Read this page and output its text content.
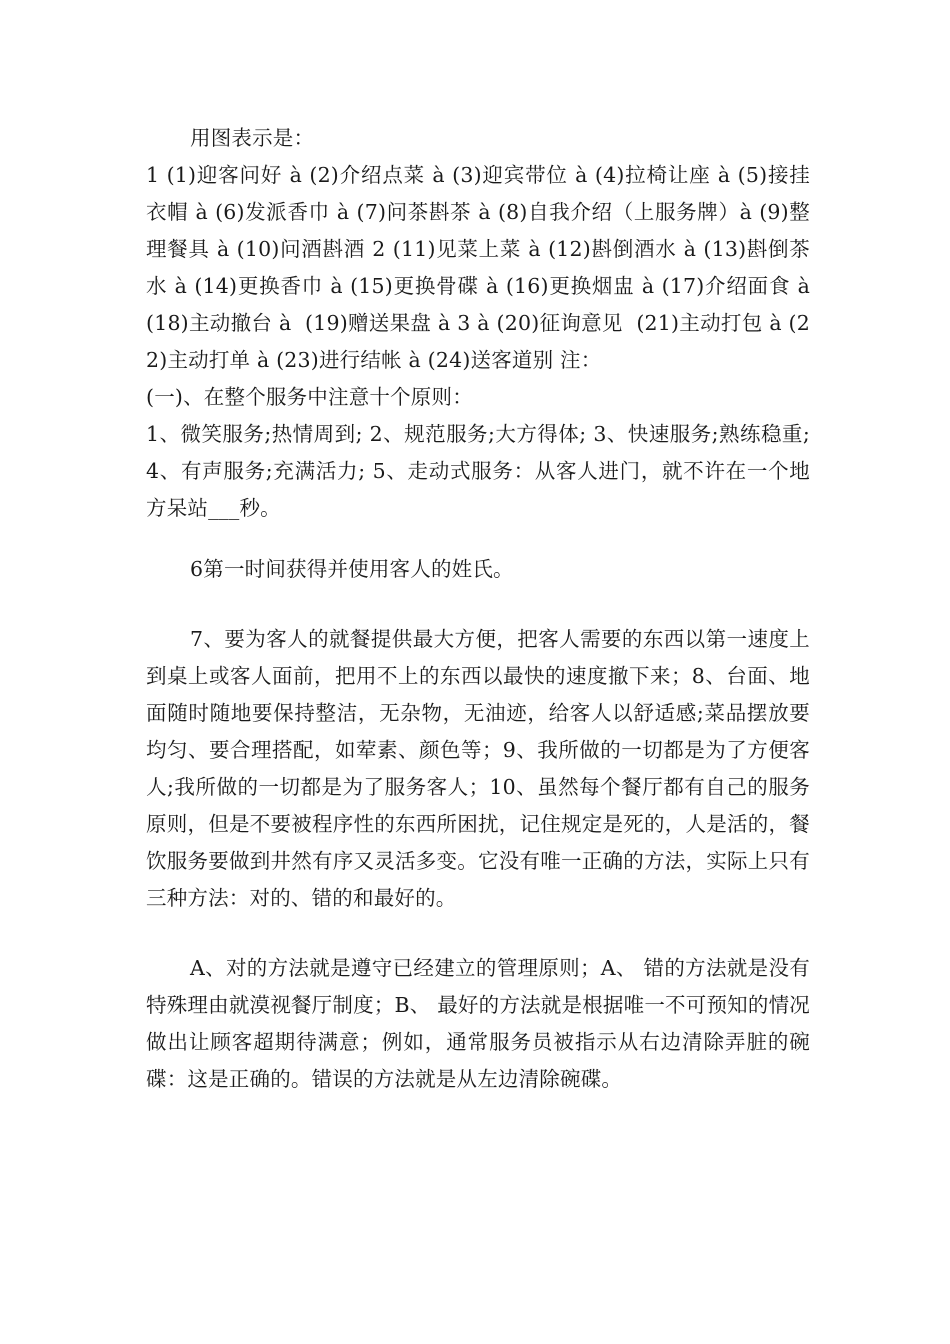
用图表示是：

1 (1)迎客问好 à (2)介绍点菜 à (3)迎宾带位 à (4)拉椅让座 à (5)接挂衣帽 à (6)发派香巾 à (7)问茶斟茶 à (8)自我介绍（上服务牌）à (9)整理餐具 à (10)问酒斟酒 2 (11)见菜上菜 à (12)斟倒酒水 à (13)斟倒茶水 à (14)更换香巾 à (15)更换骨碟 à (16)更换烟盅 à (17)介绍面食 à (18)主动撤台 à  (19)赠送果盘 à 3 à (20)征询意见  (21)主动打包 à (22)主动打单 à (23)进行结帐 à (24)送客道别 注：

(一)、在整个服务中注意十个原则：

1、微笑服务;热情周到; 2、规范服务;大方得体; 3、快速服务;熟练稳重; 4、有声服务;充满活力; 5、走动式服务：从客人进门，就不许在一个地方呆站___秒。

6第一时间获得并使用客人的姓氏。

7、要为客人的就餐提供最大方便，把客人需要的东西以第一速度上到桌上或客人面前，把用不上的东西以最快的速度撤下来；8、台面、地面随时随地要保持整洁，无杂物，无油迹，给客人以舒适感;菜品摆放要均匀、要合理搭配，如荤素、颜色等；9、我所做的一切都是为了方便客人;我所做的一切都是为了服务客人；10、虽然每个餐厅都有自己的服务原则，但是不要被程序性的东西所困扰，记住规定是死的，人是活的，餐饮服务要做到井然有序又灵活多变。它没有唯一正确的方法，实际上只有三种方法：对的、错的和最好的。

A、对的方法就是遵守已经建立的管理原则；A、 错的方法就是没有特殊理由就漠视餐厅制度；B、 最好的方法就是根据唯一不可预知的情况做出让顾客超期待满意；例如，通常服务员被指示从右边清除弄脏的碗碟：这是正确的。错误的方法就是从左边清除碗碟。
